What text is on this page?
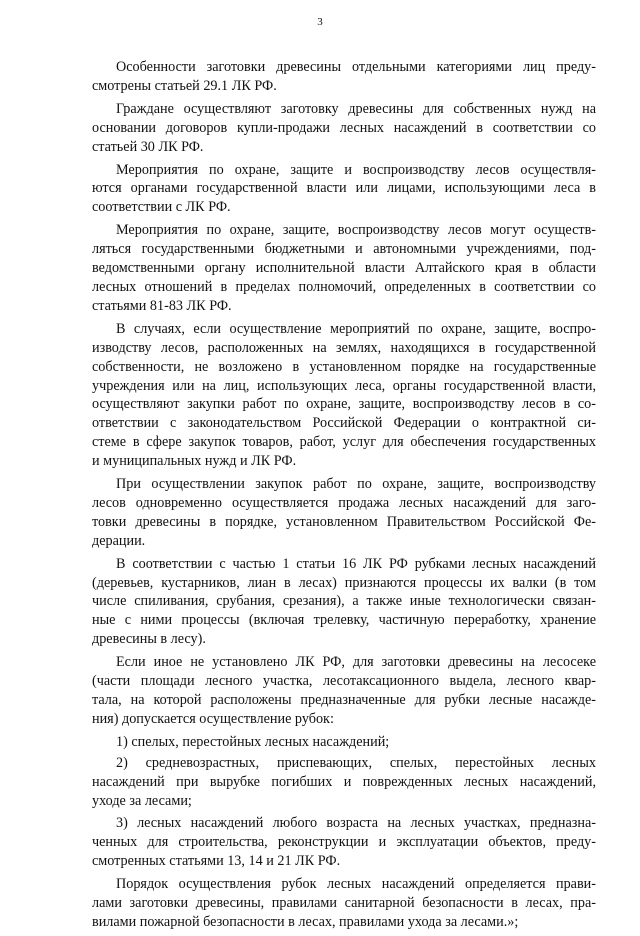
3
Особенности заготовки древесины отдельными категориями лиц преду-
смотрены статьей 29.1 ЛК РФ.
Граждане осуществляют заготовку древесины для собственных нужд на
основании договоров купли-продажи лесных насаждений в соответствии со
статьей 30 ЛК РФ.
Мероприятия по охране, защите и воспроизводству лесов осуществля-
ются органами государственной власти или лицами, использующими леса в
соответствии с ЛК РФ.
Мероприятия по охране, защите, воспроизводству лесов могут осуществ-
ляться государственными бюджетными и автономными учреждениями, под-
ведомственными органу исполнительной власти Алтайского края в области
лесных отношений в пределах полномочий, определенных в соответствии со
статьями 81-83 ЛК РФ.
В случаях, если осуществление мероприятий по охране, защите, воспро-
изводству лесов, расположенных на землях, находящихся в государственной
собственности, не возложено в установленном порядке на государственные
учреждения или на лиц, использующих леса, органы государственной власти,
осуществляют закупки работ по охране, защите, воспроизводству лесов в со-
ответствии с законодательством Российской Федерации о контрактной си-
стеме в сфере закупок товаров, работ, услуг для обеспечения государственных
и муниципальных нужд и ЛК РФ.
При осуществлении закупок работ по охране, защите, воспроизводству
лесов одновременно осуществляется продажа лесных насаждений для заго-
товки древесины в порядке, установленном Правительством Российской Фе-
дерации.
В соответствии с частью 1 статьи 16 ЛК РФ рубками лесных насаждений
(деревьев, кустарников, лиан в лесах) признаются процессы их валки (в том
числе спиливания, срубания, срезания), а также иные технологически связан-
ные с ними процессы (включая трелевку, частичную переработку, хранение
древесины в лесу).
Если иное не установлено ЛК РФ, для заготовки древесины на лесосеке
(части площади лесного участка, лесотаксационного выдела, лесного квар-
тала, на которой расположены предназначенные для рубки лесные насажде-
ния) допускается осуществление рубок:
1) спелых, перестойных лесных насаждений;
2) средневозрастных, приспевающих, спелых, перестойных лесных
насаждений при вырубке погибших и поврежденных лесных насаждений,
уходе за лесами;
3) лесных насаждений любого возраста на лесных участках, предназна-
ченных для строительства, реконструкции и эксплуатации объектов, преду-
смотренных статьями 13, 14 и 21 ЛК РФ.
Порядок осуществления рубок лесных насаждений определяется прави-
лами заготовки древесины, правилами санитарной безопасности в лесах, пра-
вилами пожарной безопасности в лесах, правилами ухода за лесами.»;
